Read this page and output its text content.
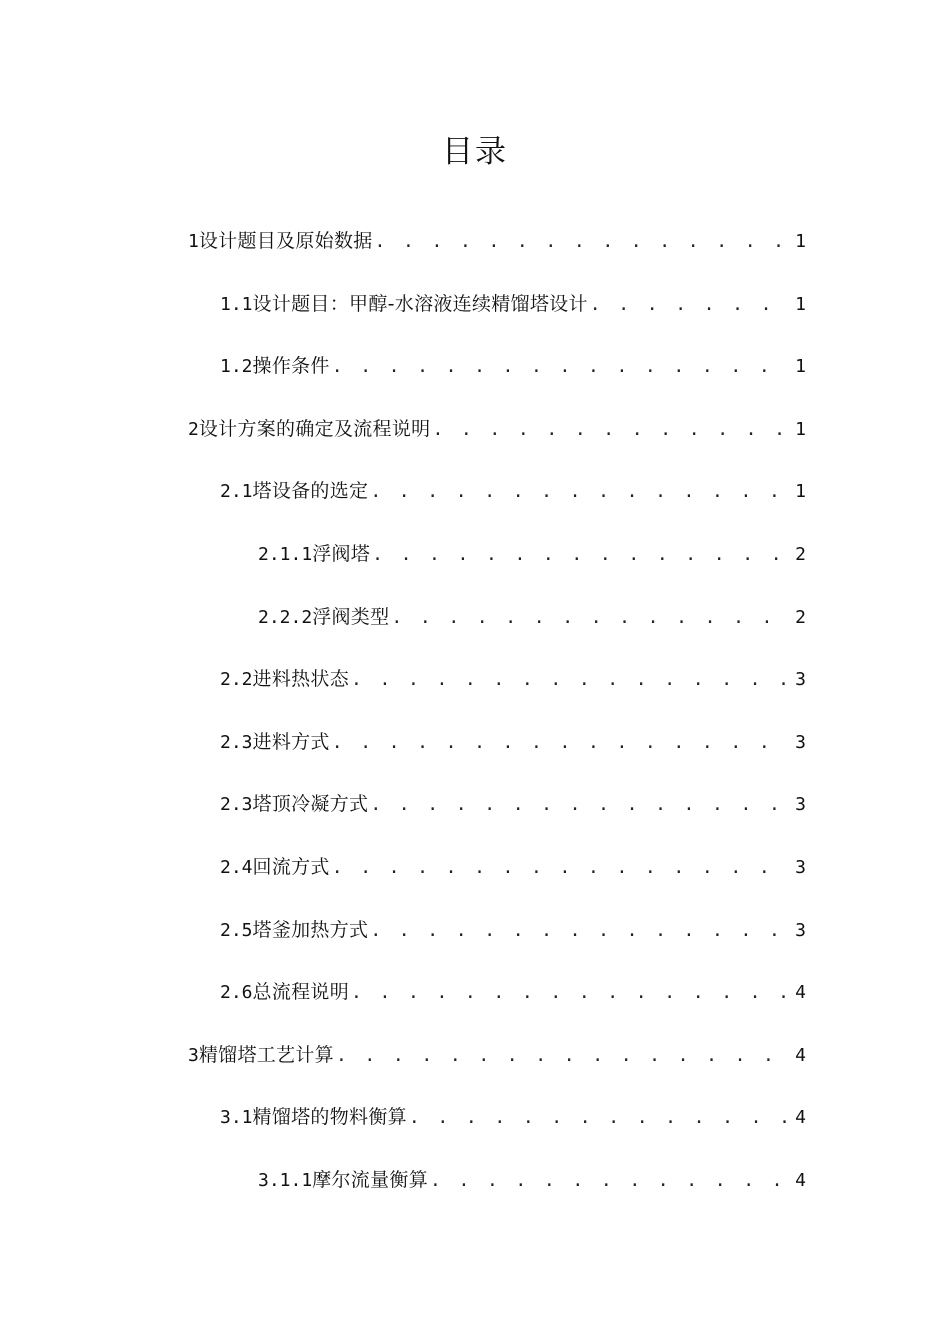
目录
1 设计题目及原始数据 . . .	1
1.1 设计题目：甲醇-水溶液连续精馏塔设计 . . .	1
1.2 操作条件 . . .	1
2 设计方案的确定及流程说明 . . .	1
2.1 塔设备的选定 . . .	1
2.1.1 浮阀塔 . . .	2
2.2.2 浮阀类型 . . .	2
2.2 进料热状态 . . .	3
2.3 进料方式 . . .	3
2.3 塔顶冷凝方式 . . .	3
2.4 回流方式 . . .	3
2.5 塔釜加热方式 . . .	3
2.6 总流程说明 . . .	4
3 精馏塔工艺计算 . . .	4
3.1 精馏塔的物料衡算 . . .	4
3.1.1 摩尔流量衡算 . . .	4
